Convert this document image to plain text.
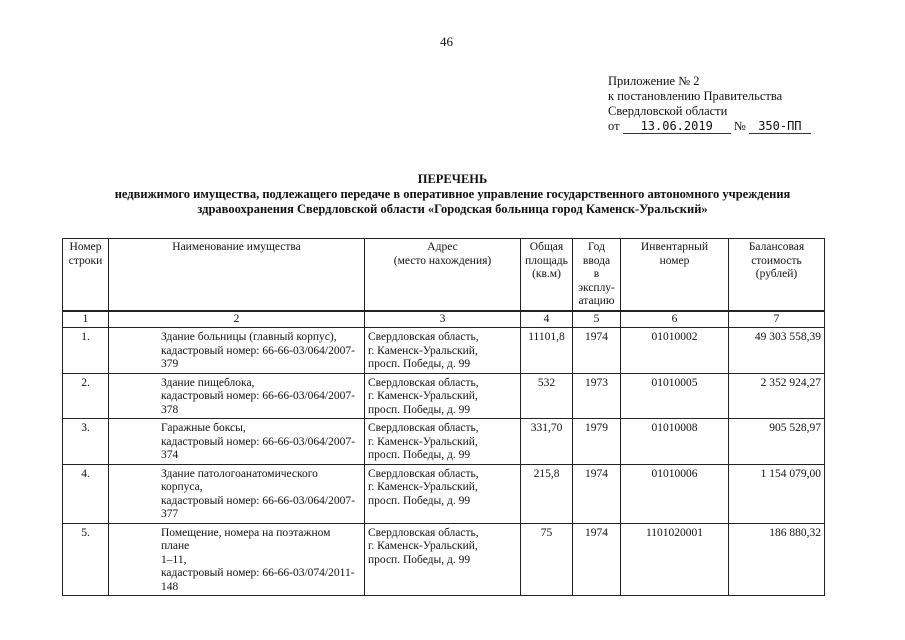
46
Приложение № 2
к постановлению Правительства
Свердловской области
от 13.06.2019 № 350-ПП
ПЕРЕЧЕНЬ
недвижимого имущества, подлежащего передаче в оперативное управление государственного автономного учреждения
здравоохранения Свердловской области «Городская больница город Каменск-Уральский»
Номер
строки	Наименование имущества	Адрес
(место нахождения)	Общая
площадь
(кв.м)	Год
ввода
в
эксплу-
атацию	Инвентарный
номер	Балансовая
стоимость
(рублей)
1	2	3	4	5	6	7
1.	Здание больницы (главный корпус),
кадастровый номер: 66-66-03/064/2007-379	Свердловская область,
г. Каменск-Уральский,
просп. Победы, д. 99	11101,8	1974	01010002	49 303 558,39
2.	Здание пищеблока,
кадастровый номер: 66-66-03/064/2007-378	Свердловская область,
г. Каменск-Уральский,
просп. Победы, д. 99	532	1973	01010005	2 352 924,27
3.	Гаражные боксы,
кадастровый номер: 66-66-03/064/2007-374	Свердловская область,
г. Каменск-Уральский,
просп. Победы, д. 99	331,70	1979	01010008	905 528,97
4.	Здание патологоанатомического корпуса,
кадастровый номер: 66-66-03/064/2007-377	Свердловская область,
г. Каменск-Уральский,
просп. Победы, д. 99	215,8	1974	01010006	1 154 079,00
5.	Помещение, номера на поэтажном плане
1–11,
кадастровый номер: 66-66-03/074/2011-148	Свердловская область,
г. Каменск-Уральский,
просп. Победы, д. 99	75	1974	1101020001	186 880,32
